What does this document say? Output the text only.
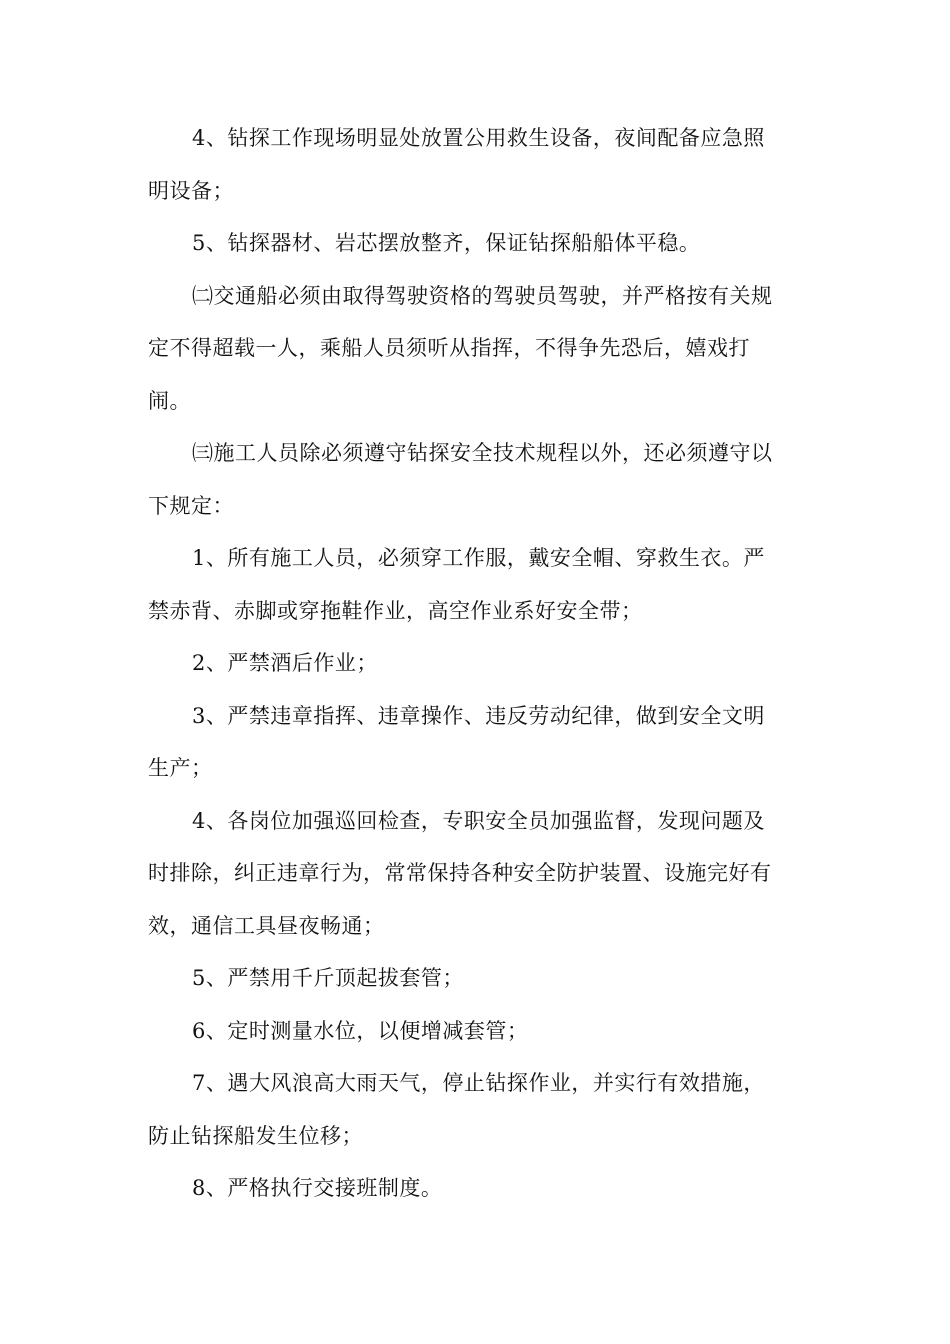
4、钻探工作现场明显处放置公用救生设备，夜间配备应急照
明设备；

5、钻探器材、岩芯摆放整齐，保证钻探船船体平稳。

㈡交通船必须由取得驾驶资格的驾驶员驾驶，并严格按有关规
定不得超载一人，乘船人员须听从指挥，不得争先恐后，嬉戏打
闹。

㈢施工人员除必须遵守钻探安全技术规程以外，还必须遵守以
下规定：

1、所有施工人员，必须穿工作服，戴安全帽、穿救生衣。严
禁赤背、赤脚或穿拖鞋作业，高空作业系好安全带；

2、严禁酒后作业；

3、严禁违章指挥、违章操作、违反劳动纪律，做到安全文明
生产；

4、各岗位加强巡回检查，专职安全员加强监督，发现问题及
时排除，纠正违章行为，常常保持各种安全防护装置、设施完好有
效，通信工具昼夜畅通；

5、严禁用千斤顶起拔套管；

6、定时测量水位，以便增减套管；

7、遇大风浪高大雨天气，停止钻探作业，并实行有效措施，
防止钻探船发生位移；

8、严格执行交接班制度。
